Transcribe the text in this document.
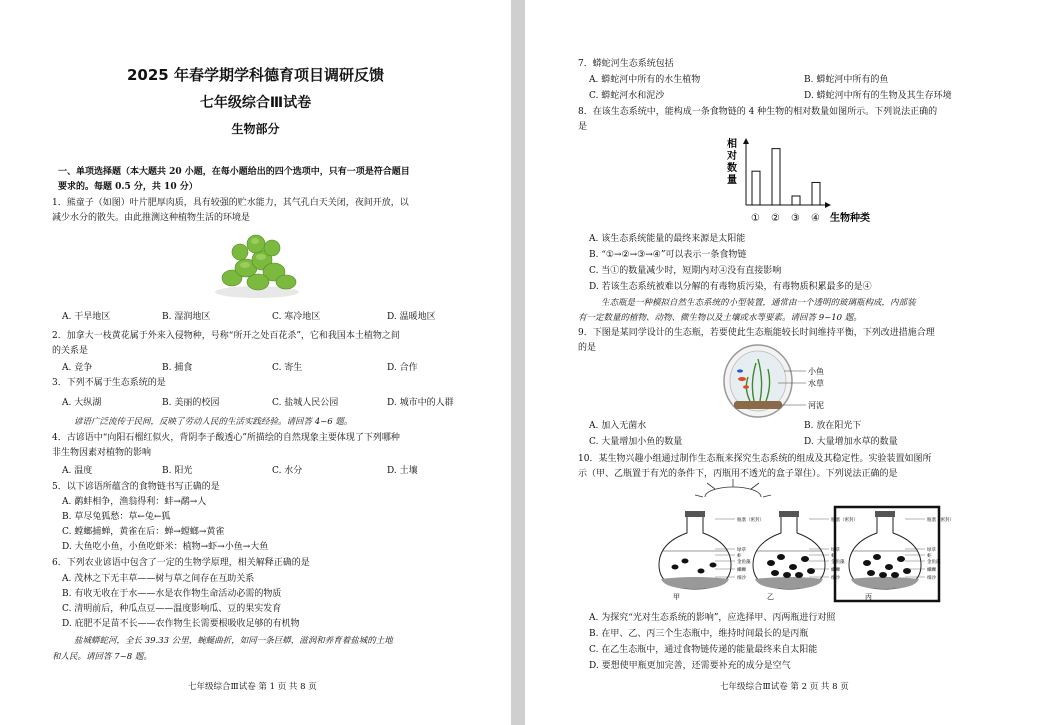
2025 年春学期学科德育项目调研反馈
七年级综合Ⅲ试卷
生物部分
一、单项选择题（本大题共 20 小题，在每小题给出的四个选项中，只有一项是符合题目
要求的。每题 0.5 分，共 10 分）
1．熊童子（如图）叶片肥厚肉质，具有较强的贮水能力，其气孔白天关闭，夜间开放，以
减少水分的散失。由此推测这种植物生活的环境是
A. 干旱地区	B. 湿润地区	C. 寒冷地区	D. 温暖地区
2．加拿大一枝黄花属于外来入侵物种，号称“所开之处百花杀”，它和我国本土植物之间
的关系是
A. 竞争	B. 捕食	C. 寄生	D. 合作
3．下列不属于生态系统的是
A. 大纵湖	B. 美丽的校园	C. 盐城人民公园	D. 城市中的人群
谚语广泛流传于民间，反映了劳动人民的生活实践经验。请回答 4~6 题。
4．古谚语中“向阳石榴红似火，背阴李子酸透心”所描绘的自然现象主要体现了下列哪种
非生物因素对植物的影响
A. 温度	B. 阳光	C. 水分	D. 土壤
5．以下谚语所蕴含的食物链书写正确的是
A. 鹬蚌相争，渔翁得利：蚌→鹬→人
B. 草尽兔狐愁：草←兔←狐
C. 螳螂捕蝉，黄雀在后：蝉→螳螂→黄雀
D. 大鱼吃小鱼，小鱼吃虾米：植物→虾→小鱼→大鱼
6．下列农业谚语中包含了一定的生物学原理，相关解释正确的是
A. 茂林之下无丰草——树与草之间存在互助关系
B. 有收无收在于水——水是农作物生命活动必需的物质
C. 清明前后，种瓜点豆——温度影响瓜、豆的果实发育
D. 庇肥不足苗不长——农作物生长需要根吸收足够的有机物
盐城蟒蛇河，全长 39.33 公里，蜿蜒曲折，如同一条巨蟒，滋润和养育着盐城的土地
和人民。请回答 7~8 题。
七年级综合Ⅲ试卷 第 1 页 共 8 页
7．蟒蛇河生态系统包括
A. 蟒蛇河中所有的水生植物	B. 蟒蛇河中所有的鱼
C. 蟒蛇河水和泥沙	D. 蟒蛇河中所有的生物及其生存环境
8．在该生态系统中，能构成一条食物链的 4 种生物的相对数量如图所示。下列说法正确的
是
相
对
数
量
① ② ③ ④ 生物种类
A. 该生态系统能量的最终来源是太阳能
B. “①→②→③→④”可以表示一条食物链
C. 当①的数量减少时，短期内对④没有直接影响
D. 若该生态系统被难以分解的有毒物质污染，有毒物质积累最多的是④
生态瓶是一种模拟自然生态系统的小型装置，通常由一个透明的玻璃瓶构成，内部装
有一定数量的植物、动物、微生物以及土壤或水等要素。请回答 9~10 题。
9．下图是某同学设计的生态瓶，若要使此生态瓶能较长时间维持平衡，下列改进措施合理
的是
小鱼
水草
河泥
A. 加入无菌水	B. 放在阳光下
C. 大量增加小鱼的数量	D. 大量增加水草的数量
10．某生物兴趣小组通过制作生态瓶来探究生态系统的组成及其稳定性。实验装置如图所
示（甲、乙瓶置于有光的条件下，丙瓶用不透光的盒子罩住）。下列说法正确的是
瓶塞（密封）
绿草
虾
金鱼藻
螺蛳
细沙
瓶塞（密封）
绿草
虾
金鱼藻
螺蛳
细沙
瓶塞（密封）
绿草
虾
金鱼藻
螺蛳
细沙
甲	乙	丙
A. 为探究“光对生态系统的影响”，应选择甲、丙两瓶进行对照
B. 在甲、乙、丙三个生态瓶中，维持时间最长的是丙瓶
C. 在乙生态瓶中，通过食物链传递的能量最终来自太阳能
D. 要想使甲瓶更加完善，还需要补充的成分是空气
七年级综合Ⅲ试卷 第 2 页 共 8 页
